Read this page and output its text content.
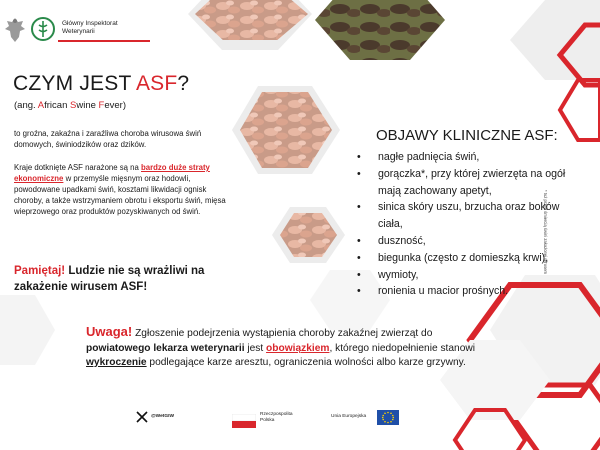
Główny Inspektorat
Weterynarii
CZYM JEST ASF?
(ang. African Swine Fever)
to groźna, zakaźna i zaraźliwa choroba wirusowa świń domowych, świniodzików oraz dzików.
Kraje dotknięte ASF narażone są na bardzo duże straty ekonomiczne w przemyśle mięsnym oraz hodowli, powodowane upadkami świń, kosztami likwidacji ognisk choroby, a także wstrzymaniem obrotu i eksportu świń, mięsa wieprzowego oraz produktów pozyskiwanych od świń.
Pamiętaj! Ludzie nie są wrażliwi na zakażenie wirusem ASF!
OBJAWY KLINICZNE ASF:
• nagłe padnięcia świń,
• gorączka*, przy której zwierzęta na ogół mają zachowany apetyt,
• sinica skóry uszu, brzucha oraz boków ciała,
• duszność,
• biegunka (często z domieszką krwi),
• wymioty,
• ronienia u macior prośnych.
* tuż przed śmiercią świni zakażonej wirusem
Uwaga! Zgłoszenie podejrzenia wystąpienia choroby zakaźnej zwierząt do powiatowego lekarza weterynarii jest obowiązkiem, którego niedopełnienie stanowi wykroczenie podlegające karze aresztu, ograniczenia wolności albo karze grzywny.
@WetGIW	Rzeczpospolita
Polska
Unia Europejska
